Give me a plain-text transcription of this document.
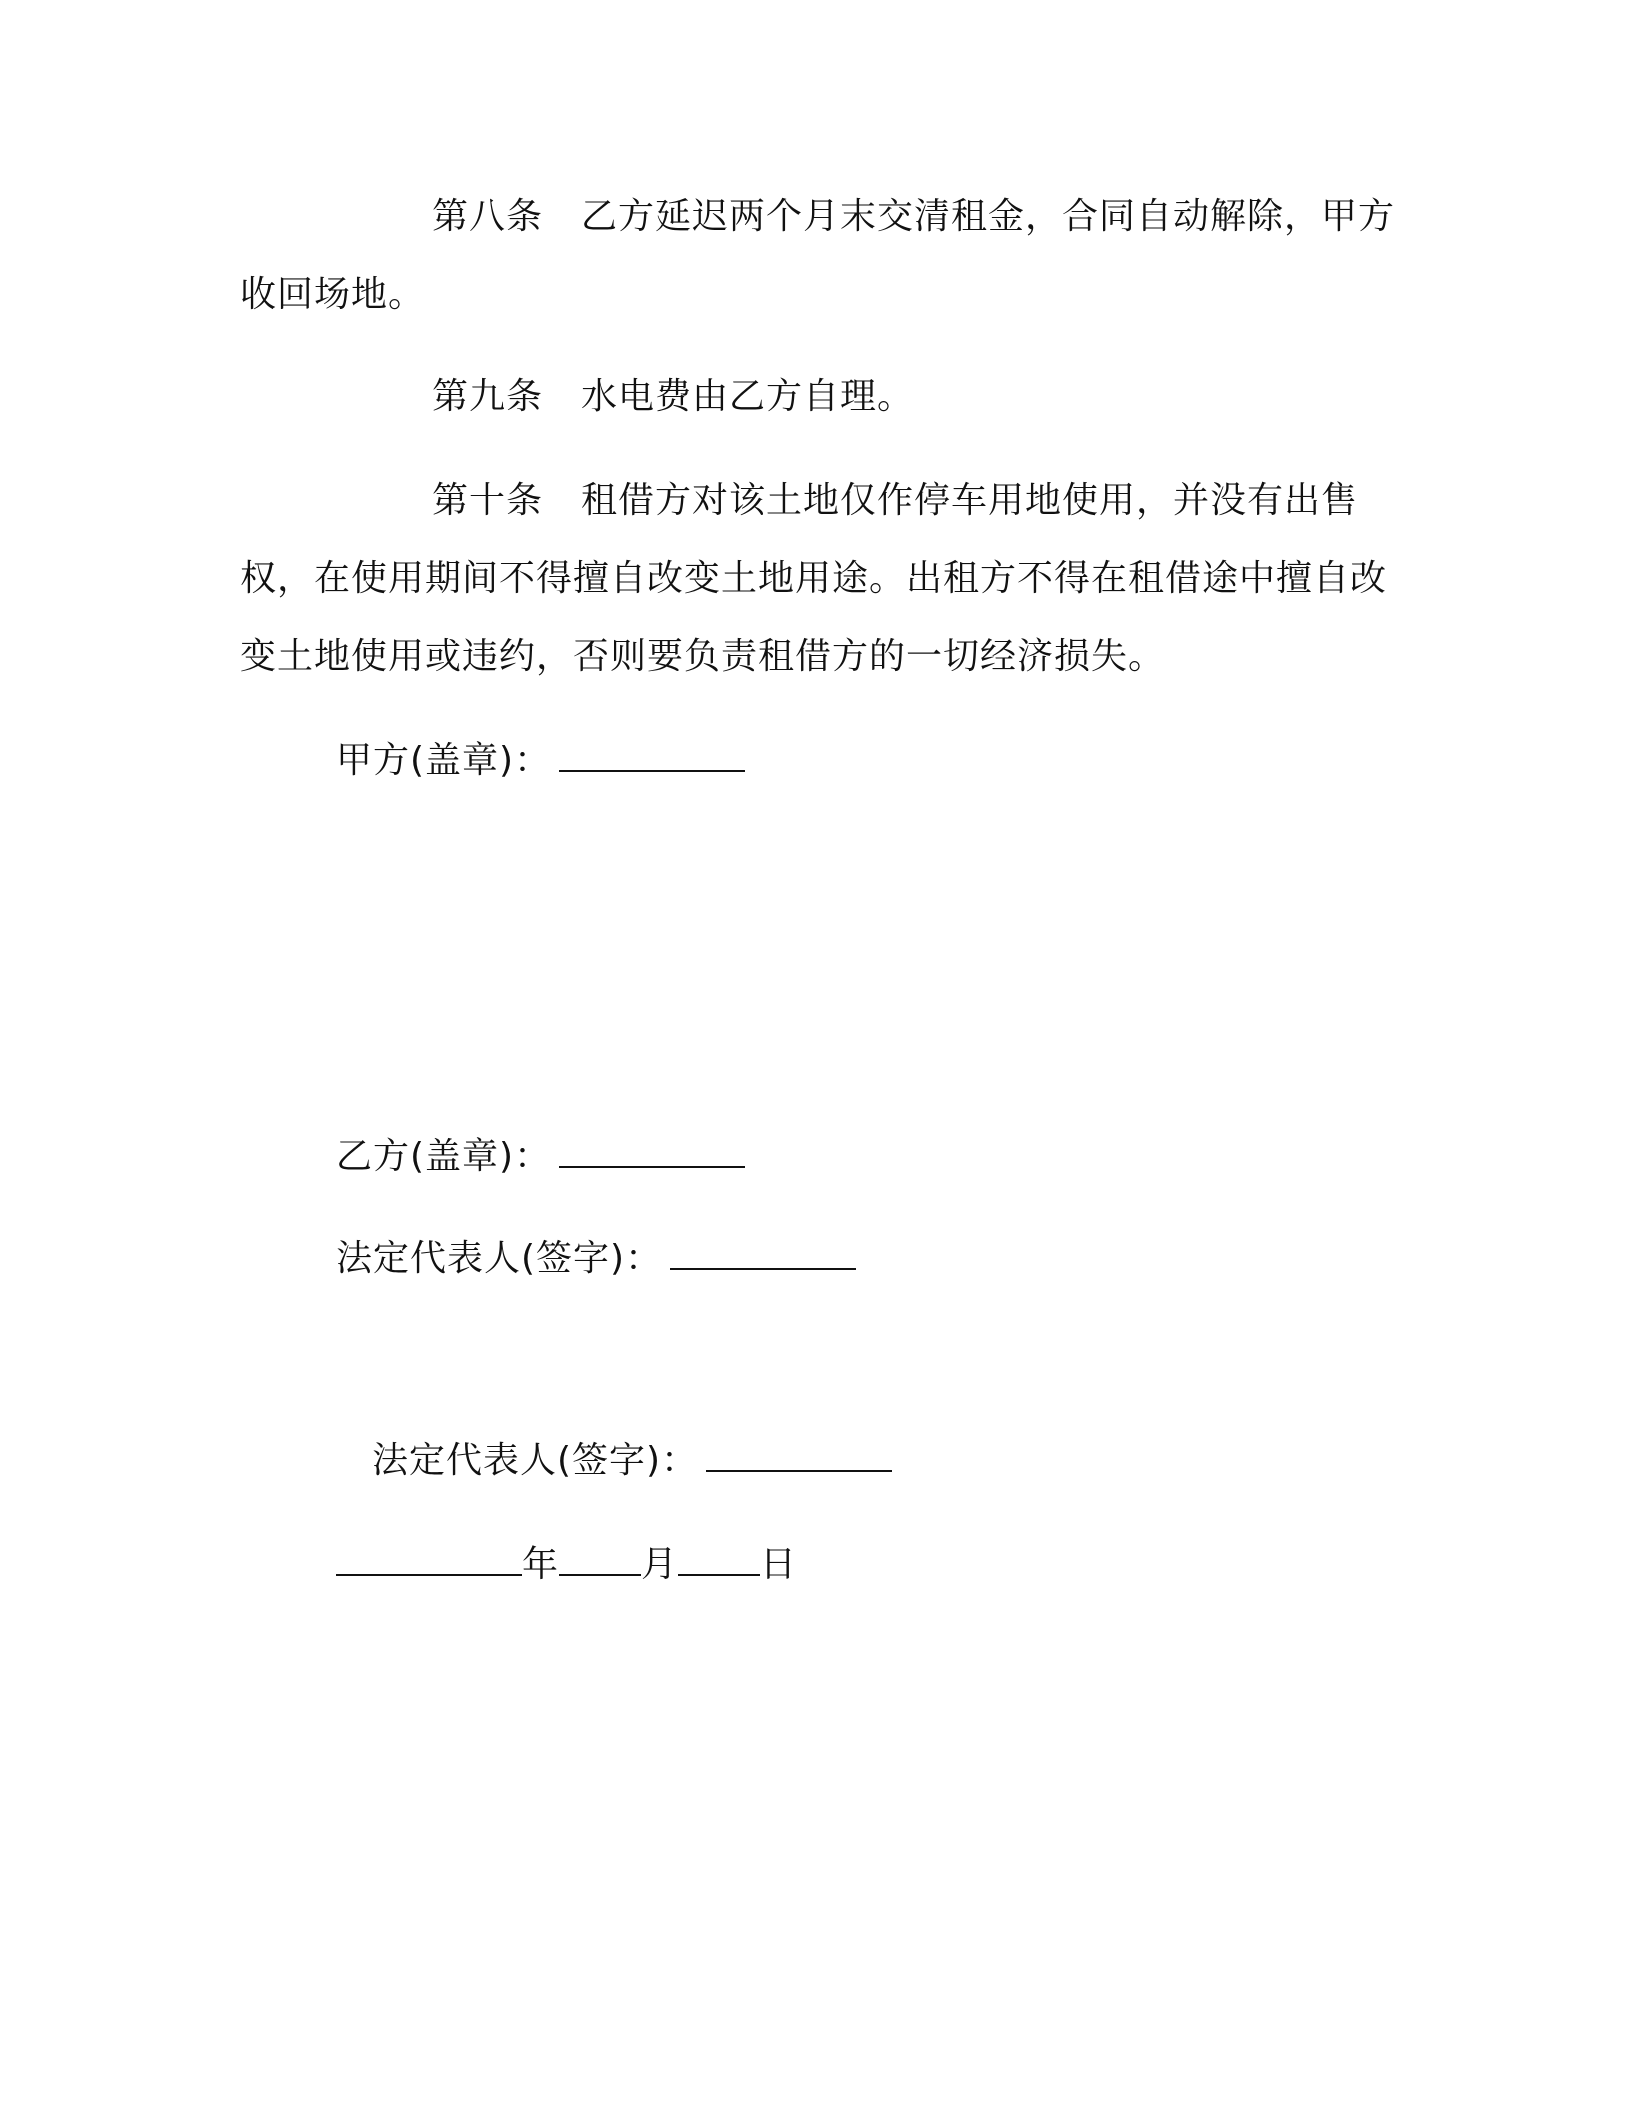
第八条 乙方延迟两个月末交清租金，合同自动解除，甲方收回场地。

第九条 水电费由乙方自理。

第十条 租借方对该土地仅作停车用地使用，并没有出售权，在使用期间不得擅自改变土地用途。出租方不得在租借途中擅自改变土地使用或违约，否则要负责租借方的一切经济损失。

甲方(盖章)：

乙方(盖章)：

法定代表人(签字)：

法定代表人(签字)：

年 月 日
